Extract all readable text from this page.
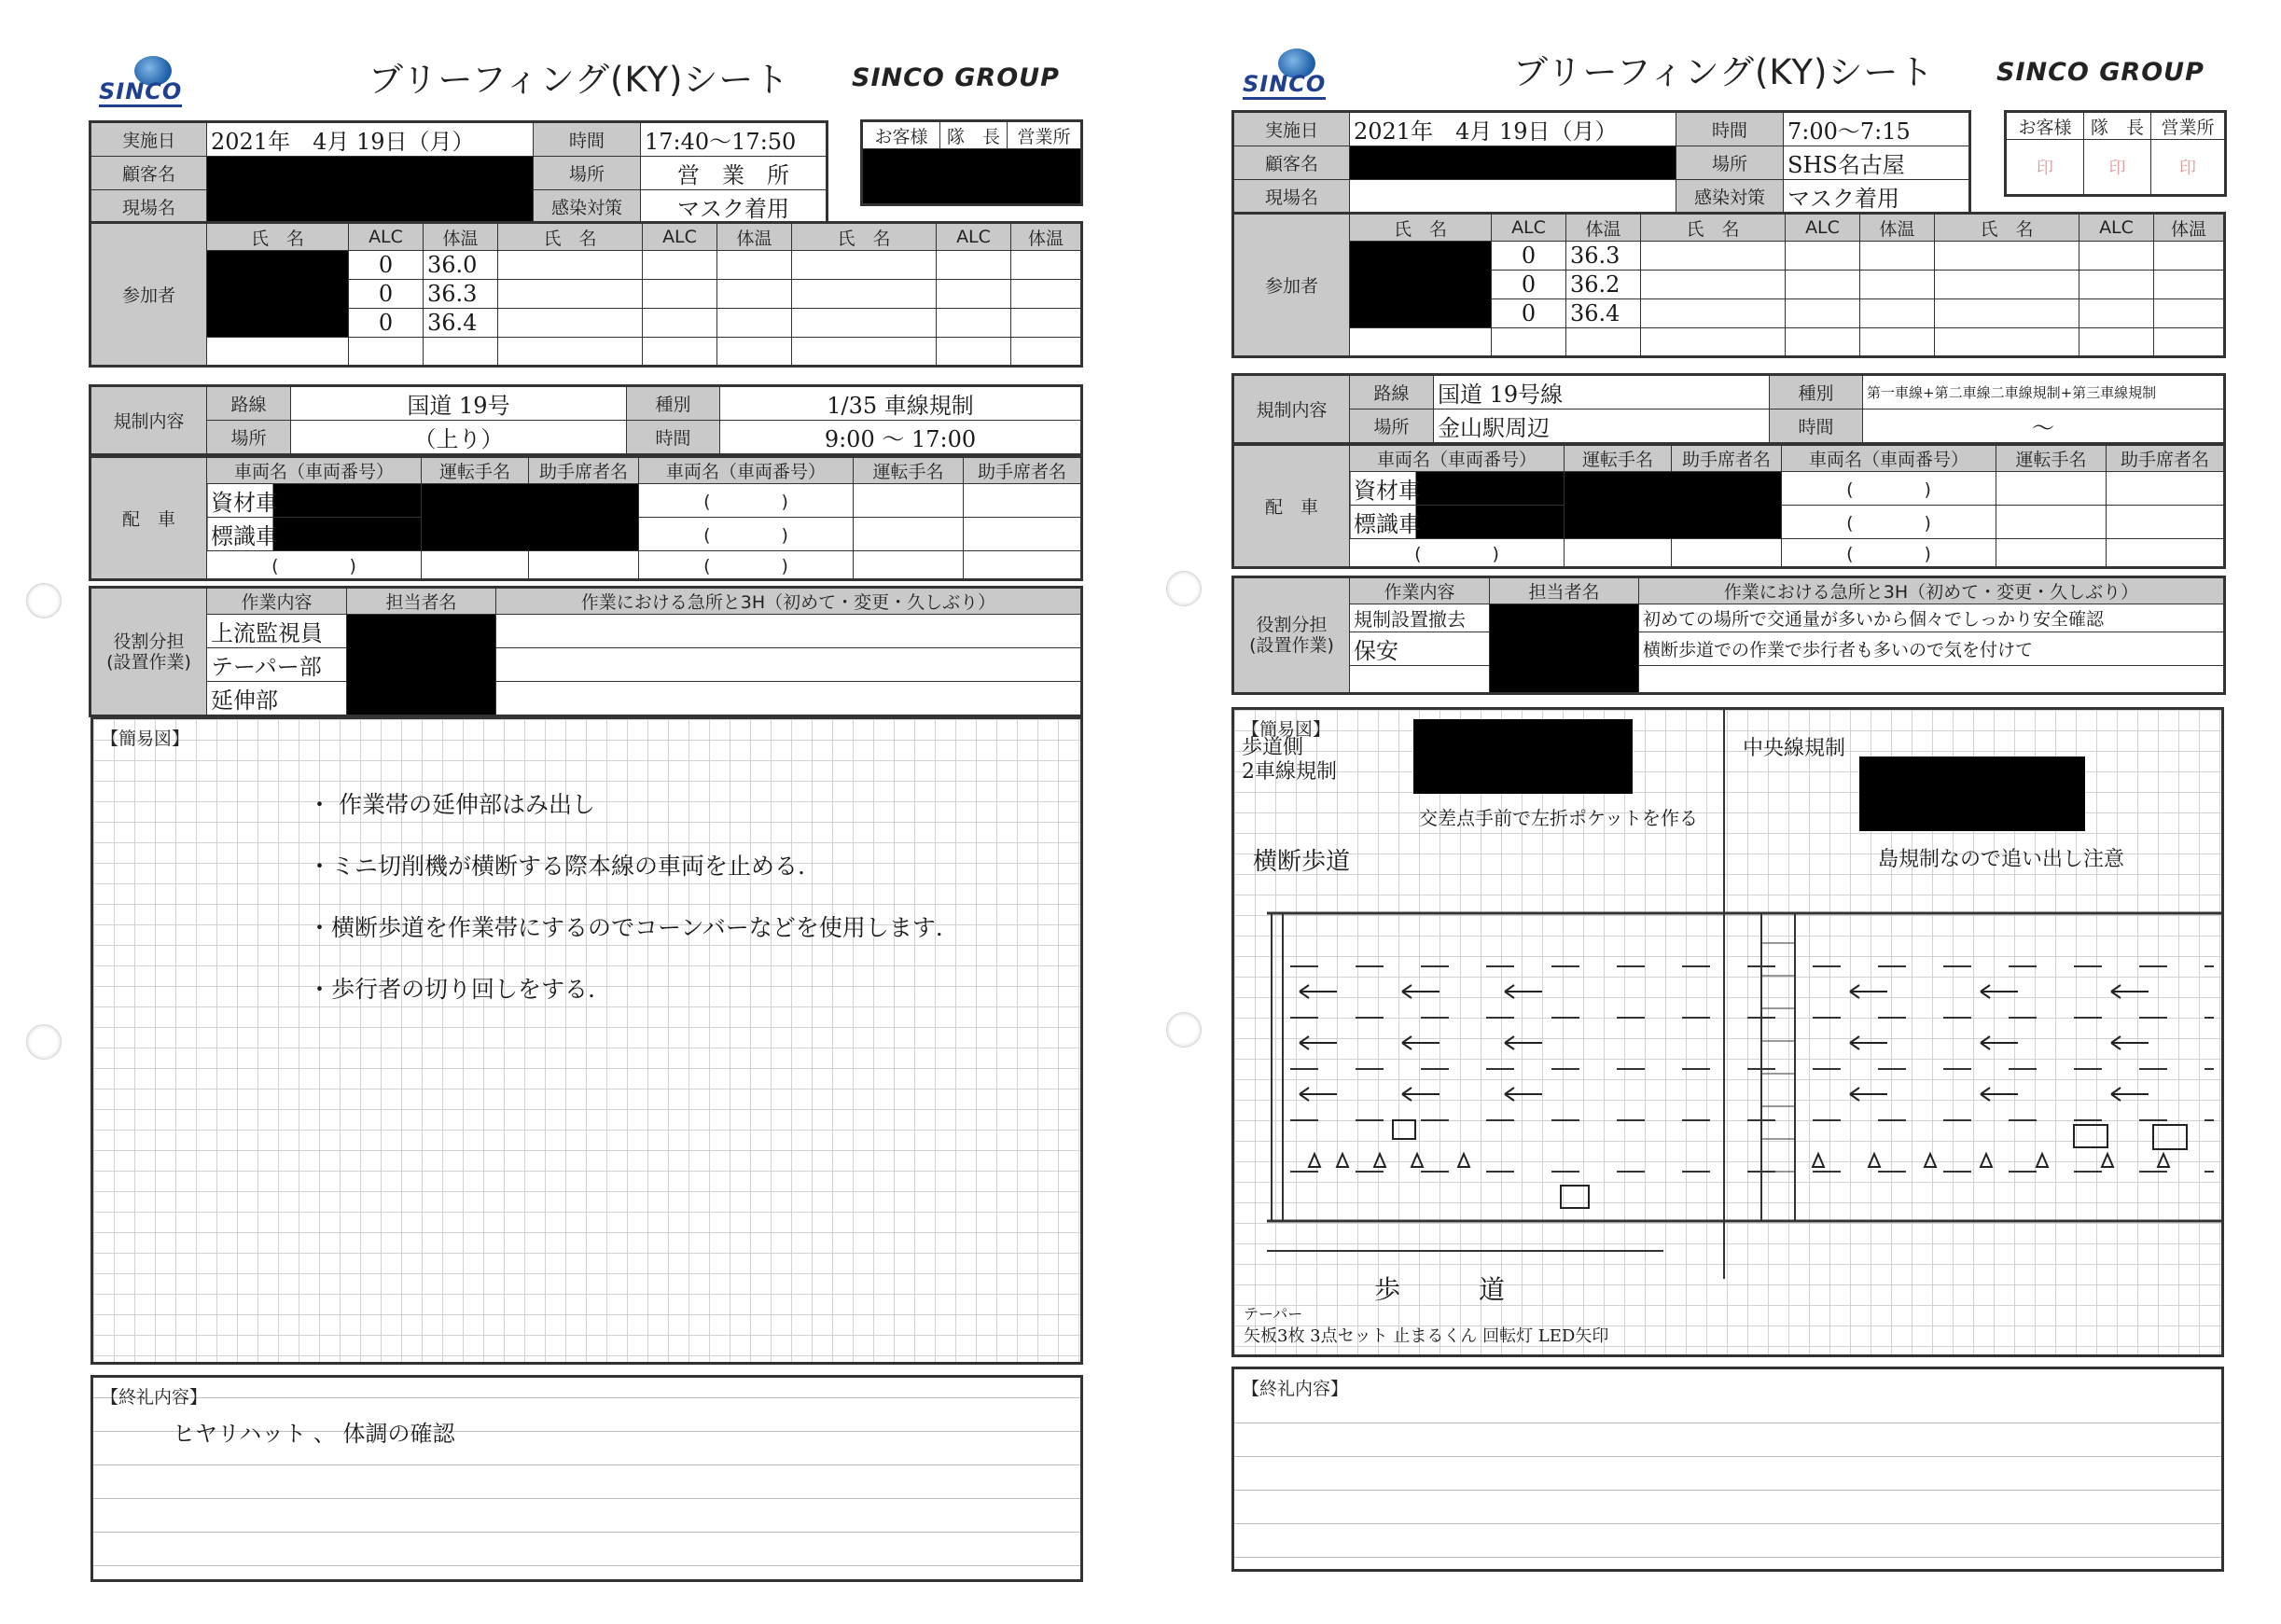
SINCO	ブリーフィング(KY)シート SINCO GROUP
実施日	2021年　4月 19日（月）	時間	17:40〜17:50
顧客名		場所	営　業　所
現場名		感染対策	マスク着用
お客様	隊　長	営業所

参加者	氏　名	ALC	体温	氏　名	ALC	体温	氏　名	ALC	体温
		0	36.0						
		0	36.3						
		0	36.4						

規制内容	路線	国道 19号	種別	1/35 車線規制
	場所	（上り）	時間	9:00 〜 17:00
配　車	車両名（車両番号）	運転手名	助手席者名	車両名（車両番号）	運転手名	助手席者名
	資材車			(　　　　)		
	標識車			(　　　　)		
	(　　　　)			(　　　　)		
役割分担
(設置作業)	作業内容	担当者名	作業における急所と3H（初めて・変更・久しぶり）
	上流監視員		
	テーパー部		
	延伸部		
【簡易図】
・ 作業帯の延伸部はみ出し
・ミニ切削機が横断する際本線の車両を止める.
・横断歩道を作業帯にするのでコーンバーなどを使用します.
・歩行者の切り回しをする.
【終礼内容】
ヒヤリハット 、 体調の確認
SINCO	ブリーフィング(KY)シート SINCO GROUP
実施日	2021年　4月 19日（月）	時間	7:00〜7:15
顧客名		場所	SHS名古屋
現場名		感染対策	マスク着用
お客様	隊　長	営業所
印	印	印
参加者	氏　名	ALC	体温	氏　名	ALC	体温	氏　名	ALC	体温
		0	36.3						
		0	36.2						
		0	36.4						

規制内容	路線	国道 19号線	種別	第一車線+第二車線二車線規制+第三車線規制
	場所	金山駅周辺	時間	〜
配　車	車両名（車両番号）	運転手名	助手席者名	車両名（車両番号）	運転手名	助手席者名
	資材車			(　　　　)		
	標識車			(　　　　)		
	(　　　　)			(　　　　)		
役割分担
(設置作業)	作業内容	担当者名	作業における急所と3H（初めて・変更・久しぶり）
	規制設置撤去		初めての場所で交通量が多いから個々でしっかり安全確認
	保安		横断歩道での作業で歩行者も多いので気を付けて

【簡易図】
歩道側
2車線規制
交差点手前で左折ポケットを作る
横断歩道
中央線規制
島規制なので追い出し注意
歩　　　道
テーパー
矢板3枚 3点セット 止まるくん 回転灯 LED矢印
【終礼内容】
